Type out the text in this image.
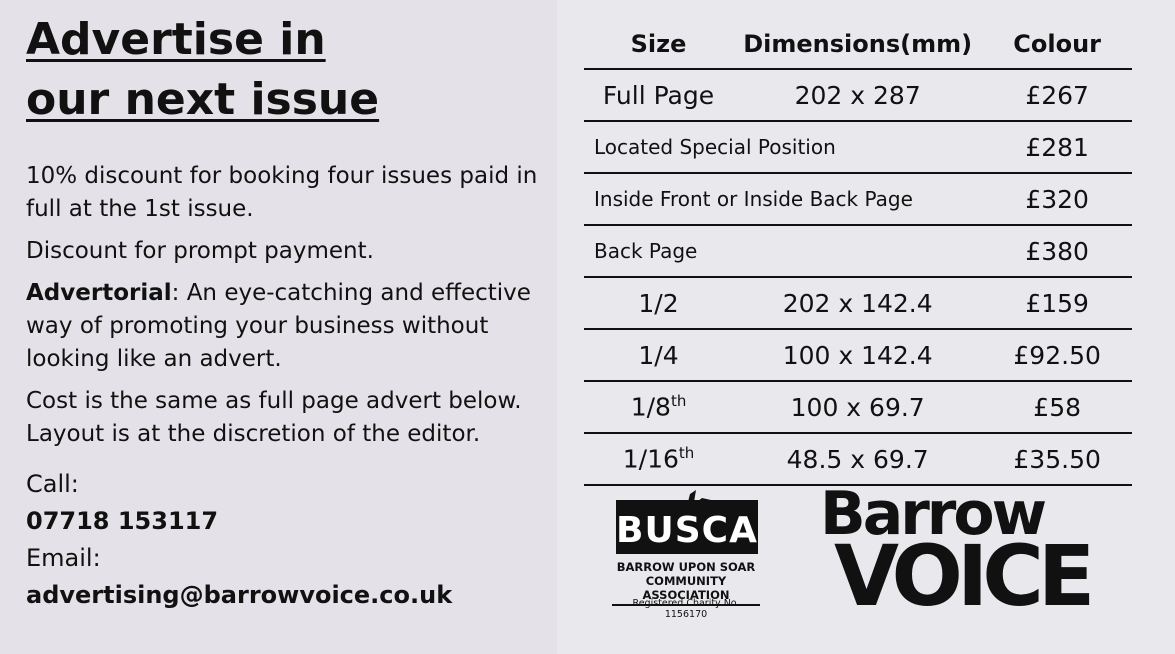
Advertise in
our next issue

10% discount for booking four issues paid in full at the 1st issue.

Discount for prompt payment.

Advertorial: An eye-catching and effective way of promoting your business without looking like an advert.

Cost is the same as full page advert below. Layout is at the discretion of the editor.

Call:
07718 153117
Email:
advertising@barrowvoice.co.uk
Size	Dimensions(mm)	Colour
Full Page	202 x 287	£267
Located Special Position		£281
Inside Front or Inside Back Page		£320
Back Page		£380
1/2	202 x 142.4	£159
1/4	100 x 142.4	£92.50
1/8th	100 x 69.7	£58
1/16th	48.5 x 69.7	£35.50
BUSCA
BARROW UPON SOAR
COMMUNITY ASSOCIATION
Registered Charity No. 1156170
Barrow
VOICE
